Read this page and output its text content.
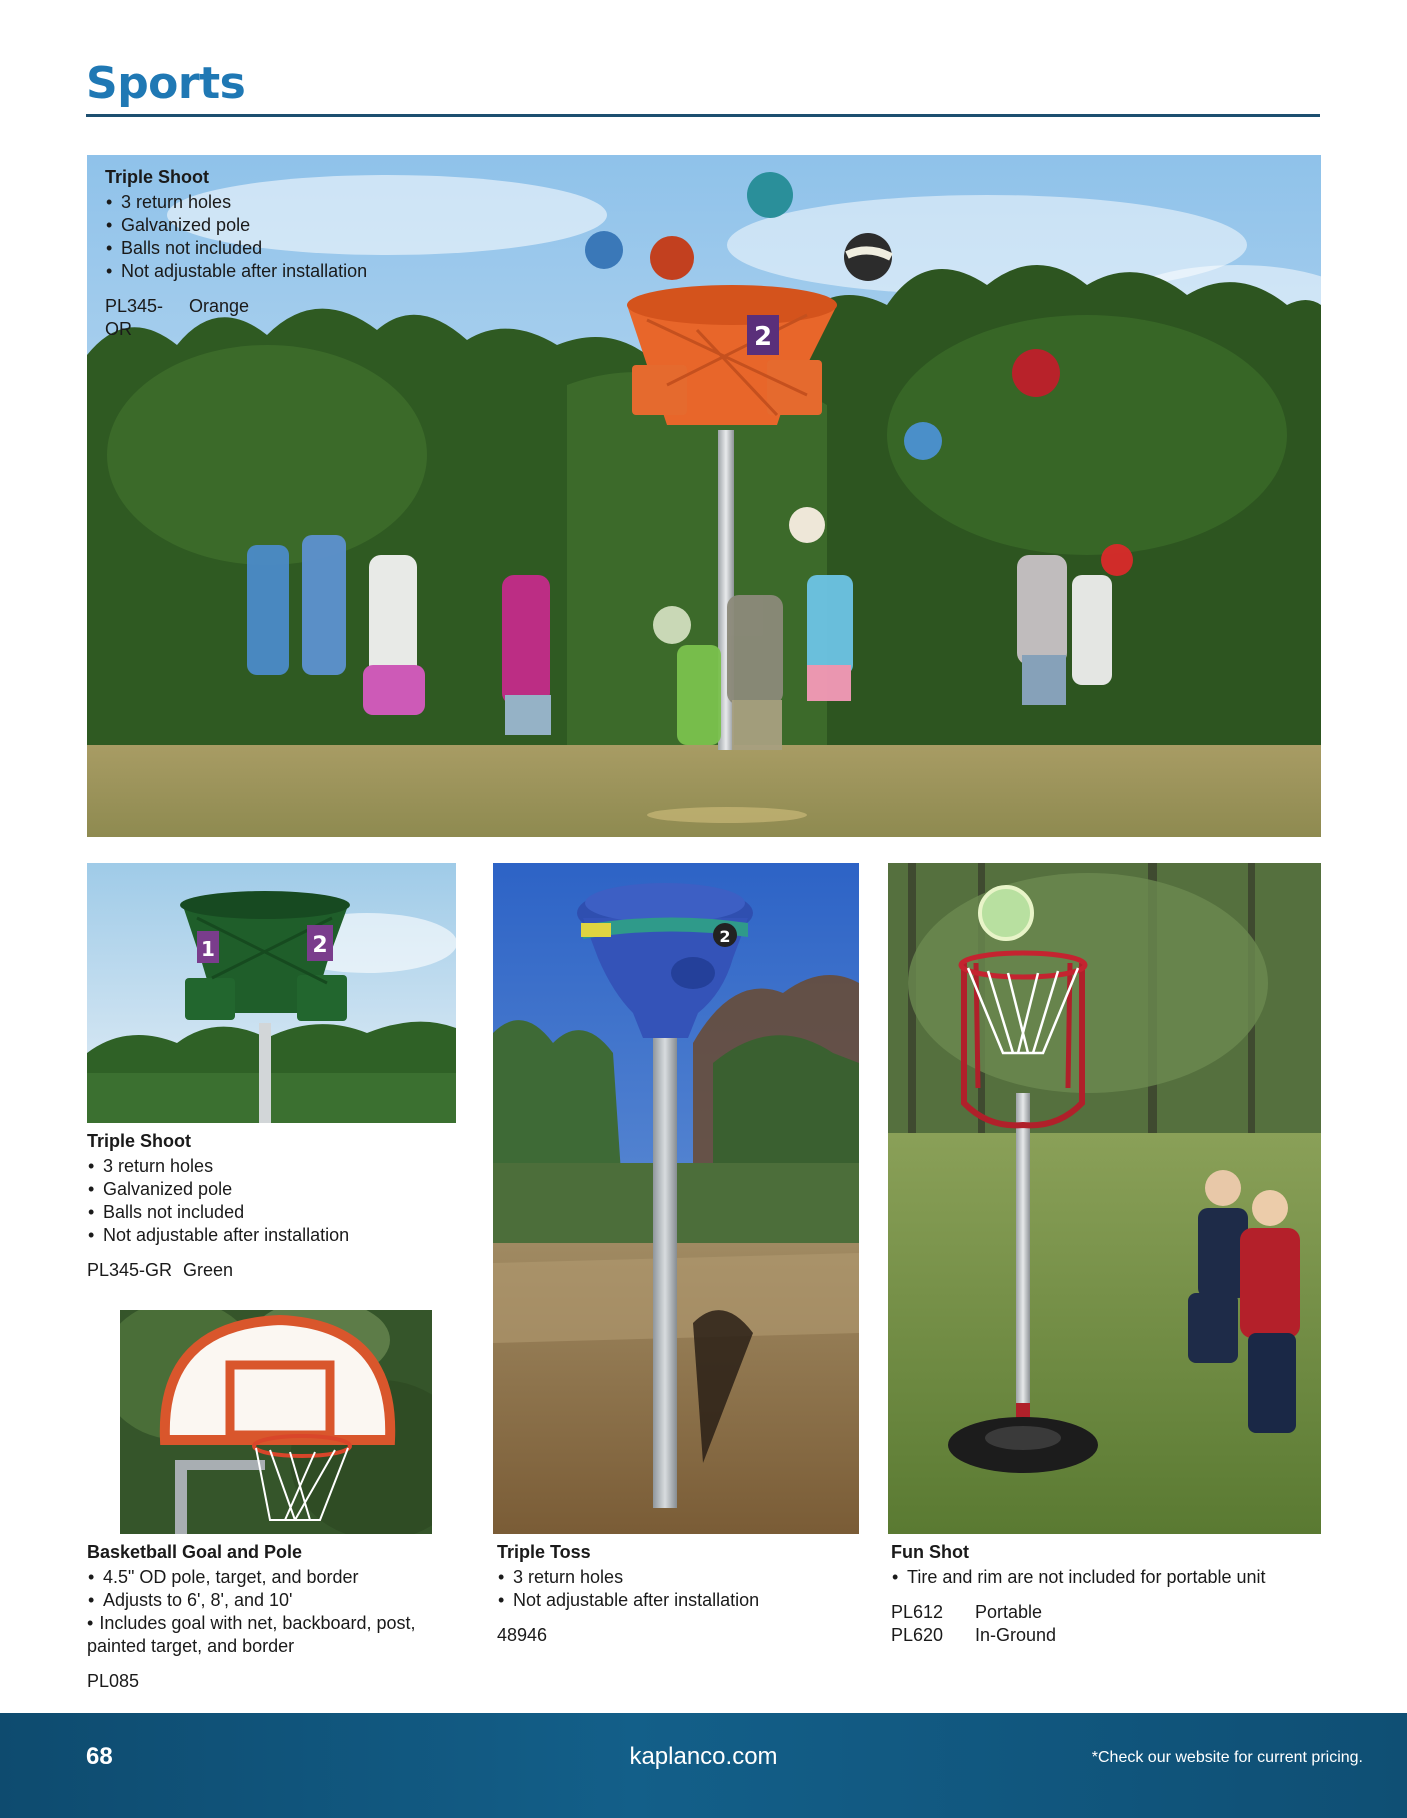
Sports
2
Triple Shoot
• 3 return holes
• Galvanized pole
• Balls not included
• Not adjustable after installation
PL345-OR
Orange
1	2
Triple Shoot
• 3 return holes
• Galvanized pole
• Balls not included
• Not adjustable after installation
PL345-GR Green
Basketball Goal and Pole
• 4.5" OD pole, target, and border
• Adjusts to 6', 8', and 10'
• Includes goal with net, backboard, post, painted target, and border
PL085
2
Triple Toss
• 3 return holes
• Not adjustable after installation
48946
Fun Shot
• Tire and rim are not included for portable unit
PL612	Portable
PL620	In-Ground
68	kaplanco.com	*Check our website for current pricing.
